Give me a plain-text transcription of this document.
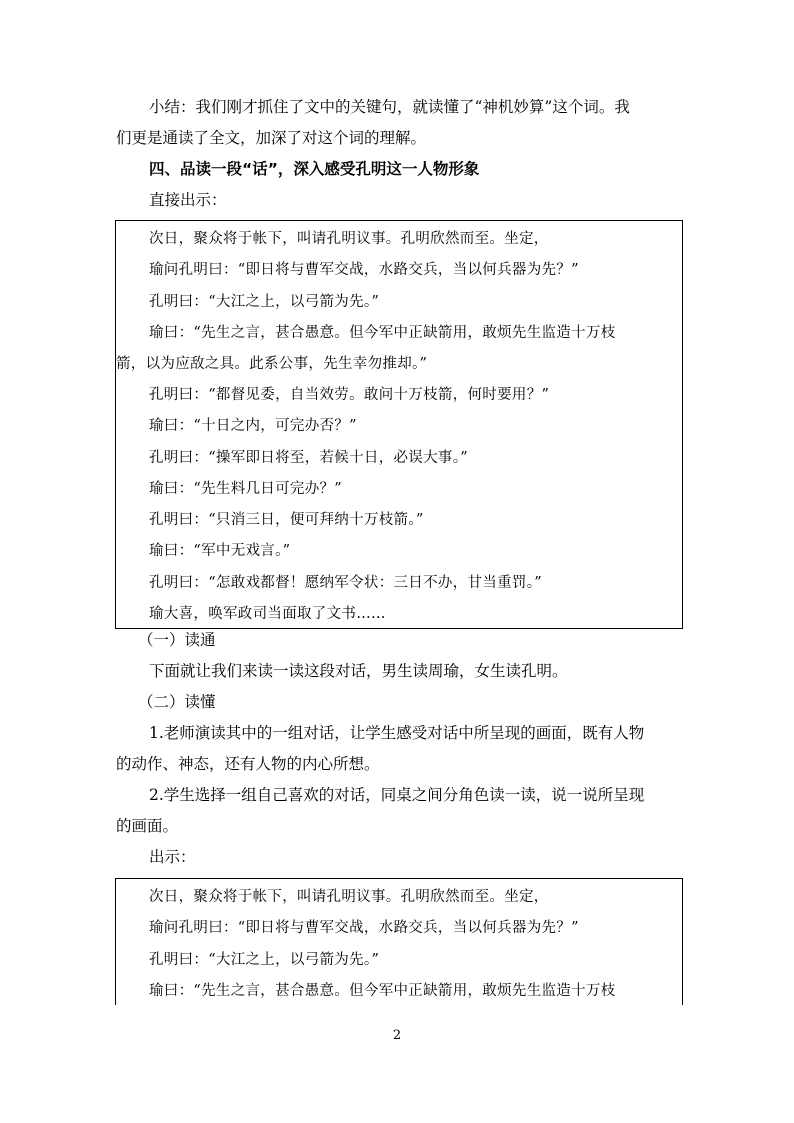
小结：我们刚才抓住了文中的关键句，就读懂了“神机妙算”这个词。我

们更是通读了全文，加深了对这个词的理解。

四、品读一段“话”，深入感受孔明这一人物形象

直接出示：

次日，聚众将于帐下，叫请孔明议事。孔明欣然而至。坐定，
瑜问孔明曰：“即日将与曹军交战，水路交兵，当以何兵器为先？”
孔明曰：“大江之上，以弓箭为先。”
瑜曰：“先生之言，甚合愚意。但今军中正缺箭用，敢烦先生监造十万枝
箭，以为应敌之具。此系公事，先生幸勿推却。”
孔明曰：“都督见委，自当效劳。敢问十万枝箭，何时要用？”
瑜曰：“十日之内，可完办否？”
孔明曰：“操军即日将至，若候十日，必误大事。”
瑜曰：“先生料几日可完办？”
孔明曰：“只消三日，便可拜纳十万枝箭。”
瑜曰：“军中无戏言。”
孔明曰：“怎敢戏都督！愿纳军令状：三日不办，甘当重罚。”
瑜大喜，唤军政司当面取了文书……

（一）读通

下面就让我们来读一读这段对话，男生读周瑜，女生读孔明。

（二）读懂

1.老师演读其中的一组对话，让学生感受对话中所呈现的画面，既有人物

的动作、神态，还有人物的内心所想。

2.学生选择一组自己喜欢的对话，同桌之间分角色读一读，说一说所呈现

的画面。

出示：

次日，聚众将于帐下，叫请孔明议事。孔明欣然而至。坐定，
瑜问孔明曰：“即日将与曹军交战，水路交兵，当以何兵器为先？”
孔明曰：“大江之上，以弓箭为先。”
瑜曰：“先生之言，甚合愚意。但今军中正缺箭用，敢烦先生监造十万枝
2
